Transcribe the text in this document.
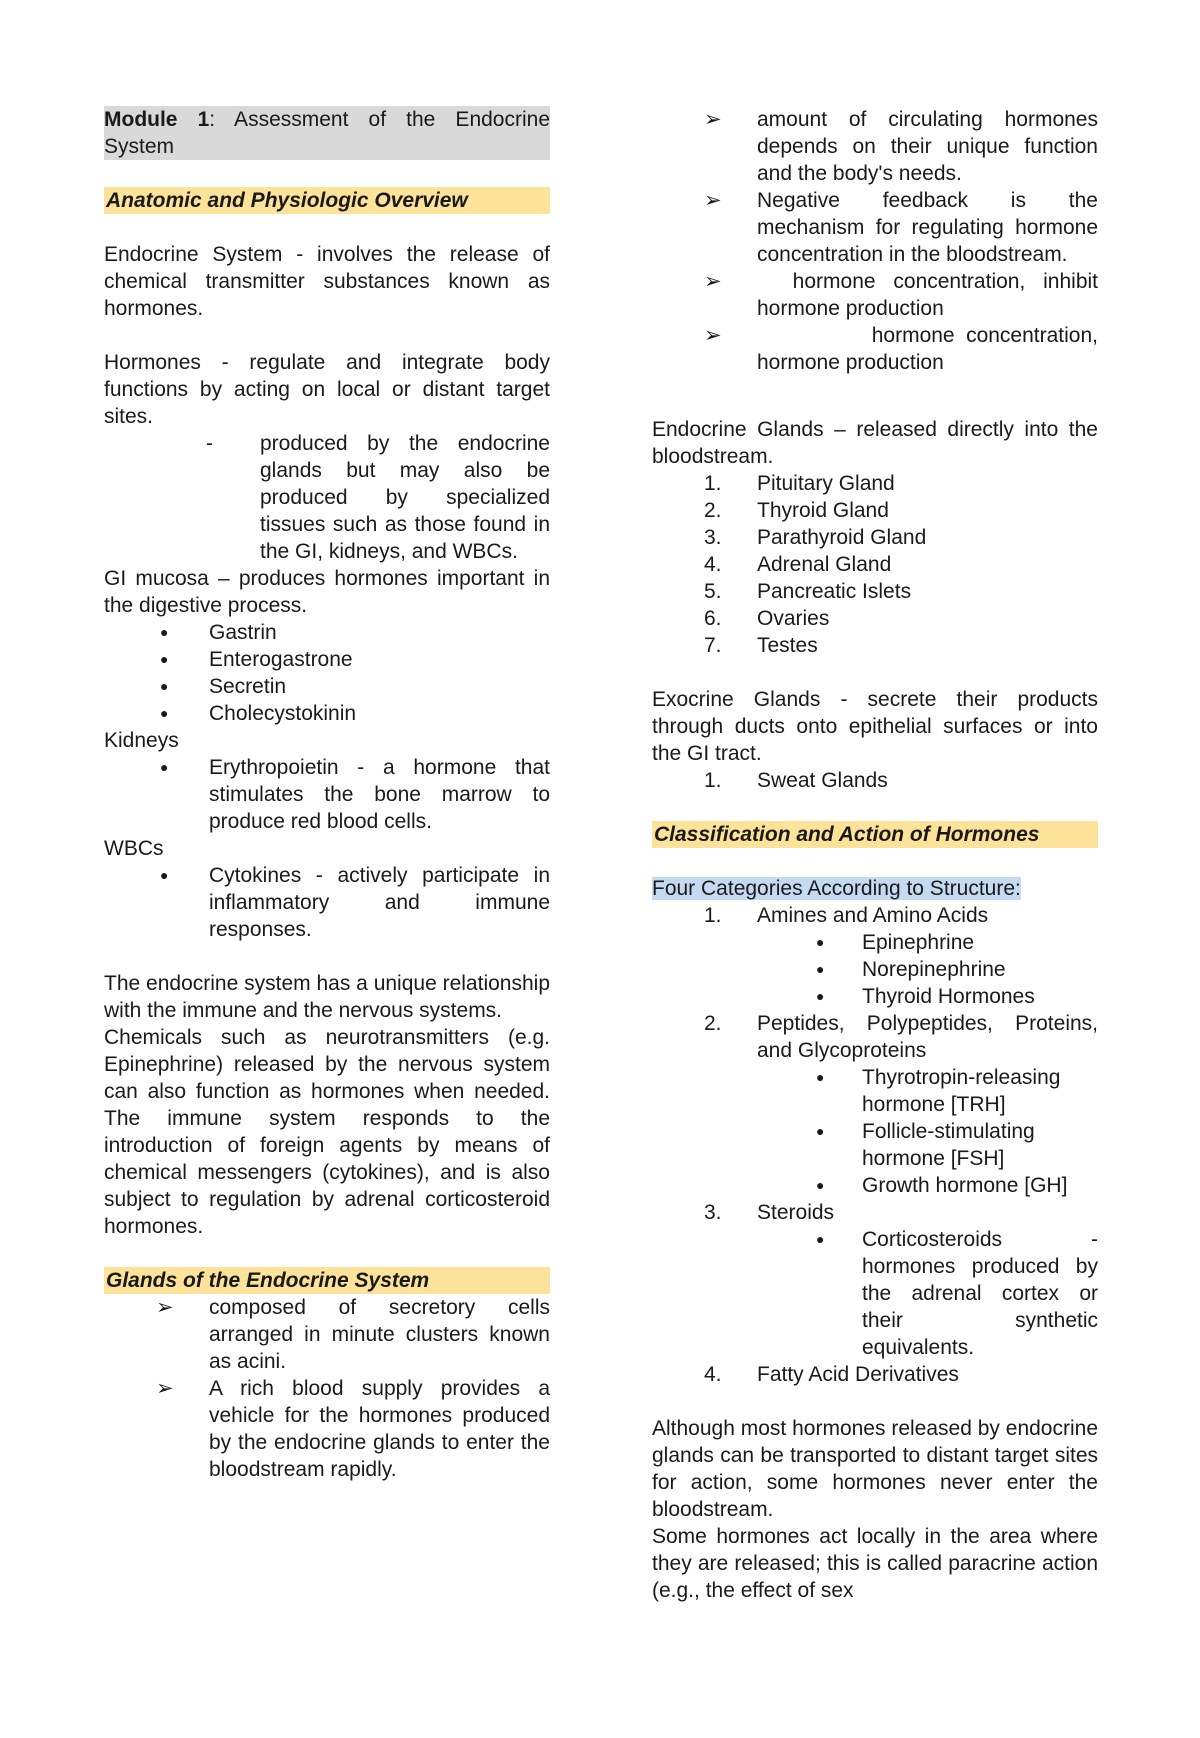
Module 1: Assessment of the Endocrine System

Anatomic and Physiologic Overview

Endocrine System - involves the release of chemical transmitter substances known as hormones.

Hormones - regulate and integrate body functions by acting on local or distant target sites.

- produced by the endocrine glands but may also be produced by specialized tissues such as those found in the GI, kidneys, and WBCs.

GI mucosa – produces hormones important in the digestive process.

● Gastrin
● Enterogastrone
● Secretin
● Cholecystokinin

Kidneys

● Erythropoietin - a hormone that stimulates the bone marrow to produce red blood cells.

WBCs

● Cytokines - actively participate in inflammatory and immune responses.

The endocrine system has a unique relationship with the immune and the nervous systems.

Chemicals such as neurotransmitters (e.g. Epinephrine) released by the nervous system can also function as hormones when needed. The immune system responds to the introduction of foreign agents by means of chemical messengers (cytokines), and is also subject to regulation by adrenal corticosteroid hormones.

Glands of the Endocrine System

➢ composed of secretory cells arranged in minute clusters known as acini.
➢ A rich blood supply provides a vehicle for the hormones produced by the endocrine glands to enter the bloodstream rapidly.
➢ amount of circulating hormones depends on their unique function and the body's needs.
➢ Negative feedback is the mechanism for regulating hormone concentration in the bloodstream.
➢ hormone concentration, inhibit hormone production
➢ hormone concentration, hormone production

Endocrine Glands – released directly into the bloodstream.

1. Pituitary Gland
2. Thyroid Gland
3. Parathyroid Gland
4. Adrenal Gland
5. Pancreatic Islets
6. Ovaries
7. Testes

Exocrine Glands - secrete their products through ducts onto epithelial surfaces or into the GI tract.

1. Sweat Glands

Classification and Action of Hormones

Four Categories According to Structure:

1. Amines and Amino Acids
● Epinephrine
● Norepinephrine
● Thyroid Hormones
2. Peptides, Polypeptides, Proteins, and Glycoproteins
● Thyrotropin-releasing hormone [TRH]
● Follicle-stimulating hormone [FSH]
● Growth hormone [GH]
3. Steroids
● Corticosteroids - hormones produced by the adrenal cortex or their synthetic equivalents.
4. Fatty Acid Derivatives

Although most hormones released by endocrine glands can be transported to distant target sites for action, some hormones never enter the bloodstream.

Some hormones act locally in the area where they are released; this is called paracrine action (e.g., the effect of sex
